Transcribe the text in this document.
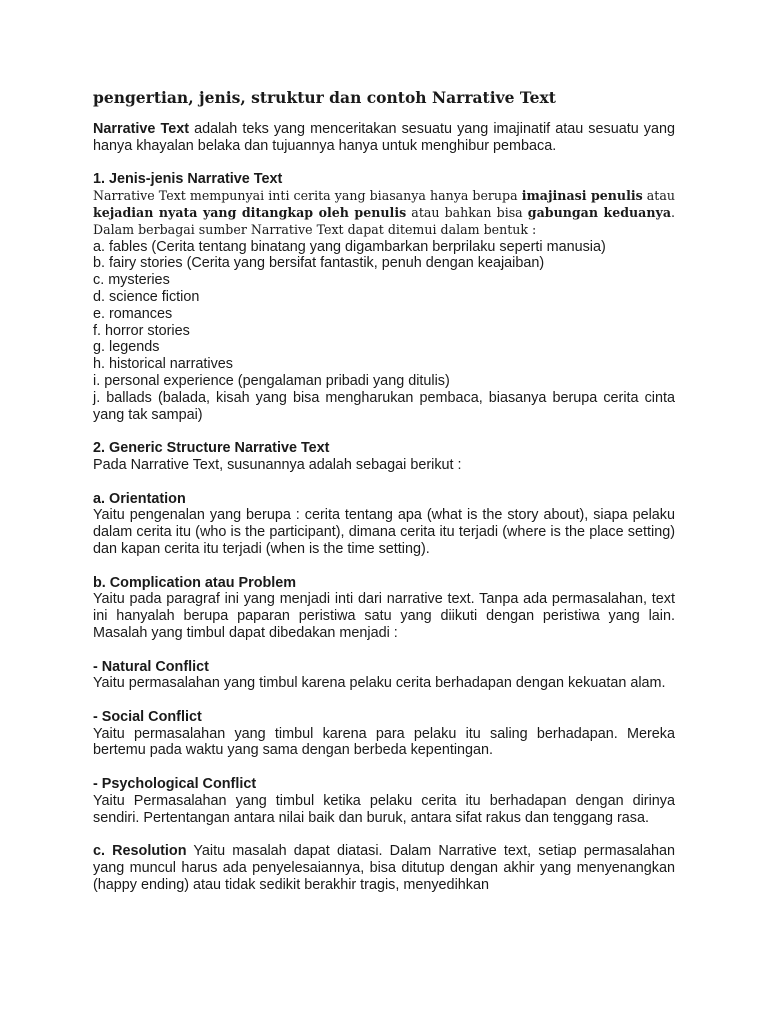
pengertian, jenis, struktur dan contoh Narrative Text

Narrative Text adalah teks yang menceritakan sesuatu yang imajinatif atau sesuatu yang hanya khayalan belaka dan tujuannya hanya untuk menghibur pembaca.

1. Jenis-jenis Narrative Text

Narrative Text mempunyai inti cerita yang biasanya hanya berupa imajinasi penulis atau kejadian nyata yang ditangkap oleh penulis atau bahkan bisa gabungan keduanya. Dalam berbagai sumber Narrative Text dapat ditemui dalam bentuk :

a. fables (Cerita tentang binatang yang digambarkan berprilaku seperti manusia)

b. fairy stories (Cerita yang bersifat fantastik, penuh dengan keajaiban)

c. mysteries

d. science fiction

e. romances

f. horror stories

g. legends

h. historical narratives

i. personal experience (pengalaman pribadi yang ditulis)

j. ballads (balada, kisah yang bisa mengharukan pembaca, biasanya berupa cerita cinta yang tak sampai)

2. Generic Structure Narrative Text

Pada Narrative Text, susunannya adalah sebagai berikut :

a. Orientation

Yaitu pengenalan yang berupa : cerita tentang apa (what is the story about), siapa pelaku dalam cerita itu (who is the participant), dimana cerita itu terjadi (where is the place setting) dan kapan cerita itu terjadi (when is the time setting).

b. Complication atau Problem

Yaitu pada paragraf ini yang menjadi inti dari narrative text. Tanpa ada permasalahan, text ini hanyalah berupa paparan peristiwa satu yang diikuti dengan peristiwa yang lain. Masalah yang timbul dapat dibedakan menjadi :

- Natural Conflict

Yaitu permasalahan yang timbul karena pelaku cerita berhadapan dengan kekuatan alam.

- Social Conflict

Yaitu permasalahan yang timbul karena para pelaku itu saling berhadapan. Mereka bertemu pada waktu yang sama dengan berbeda kepentingan.

- Psychological Conflict

Yaitu Permasalahan yang timbul ketika pelaku cerita itu berhadapan dengan dirinya sendiri. Pertentangan antara nilai baik dan buruk, antara sifat rakus dan tenggang rasa.

c. Resolution Yaitu masalah dapat diatasi. Dalam Narrative text, setiap permasalahan yang muncul harus ada penyelesaiannya, bisa ditutup dengan akhir yang menyenangkan (happy ending) atau tidak sedikit berakhir tragis, menyedihkan
